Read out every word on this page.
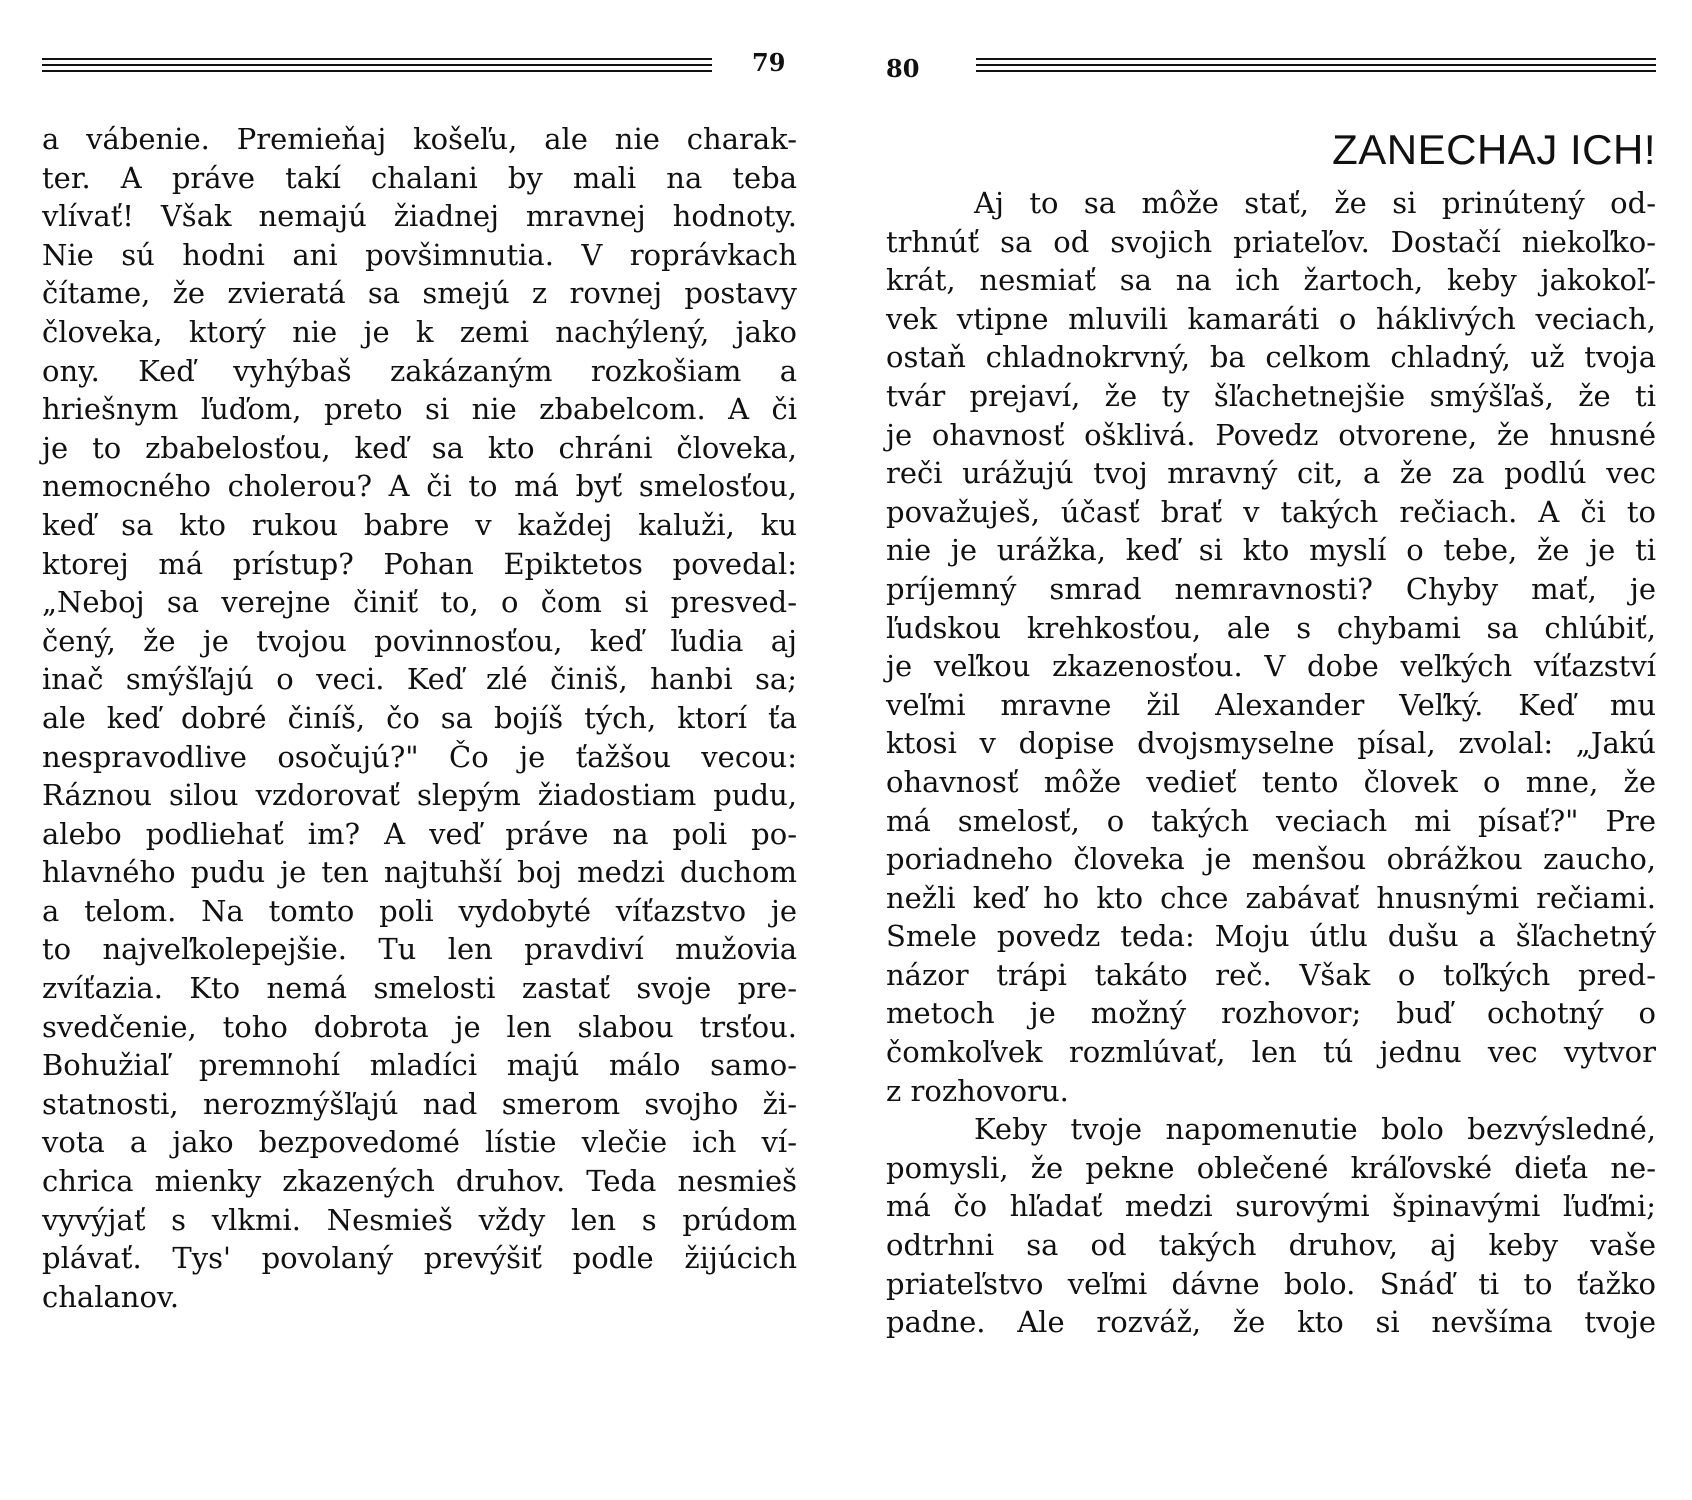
79
a vábenie. Premieňaj košeľu, ale nie charak-
ter. A práve takí chalani by mali na teba
vlívať! Však nemajú žiadnej mravnej hodnoty.
Nie sú hodni ani povšimnutia. V roprávkach
čítame, že zvieratá sa smejú z rovnej postavy
človeka, ktorý nie je k zemi nachýlený, jako
ony. Keď vyhýbaš zakázaným rozkošiam a
hriešnym ľuďom, preto si nie zbabelcom. A či
je to zbabelosťou, keď sa kto chráni človeka,
nemocného cholerou? A či to má byť smelosťou,
keď sa kto rukou babre v každej kaluži, ku
ktorej má prístup? Pohan Epiktetos povedal:
„Neboj sa verejne činiť to, o čom si presved-
čený, že je tvojou povinnosťou, keď ľudia aj
inač smýšľajú o veci. Keď zlé činiš, hanbi sa;
ale keď dobré činíš, čo sa bojíš tých, ktorí ťa
nespravodlive osočujú?" Čo je ťažšou vecou:
Ráznou silou vzdorovať slepým žiadostiam pudu,
alebo podliehať im? A veď práve na poli po-
hlavného pudu je ten najtuhší boj medzi duchom
a telom. Na tomto poli vydobyté víťazstvo je
to najveľkolepejšie. Tu len pravdiví mužovia
zvíťazia. Kto nemá smelosti zastať svoje pre-
svedčenie, toho dobrota je len slabou trsťou.
Bohužiaľ premnohí mladíci majú málo samo-
statnosti, nerozmýšľajú nad smerom svojho ži-
vota a jako bezpovedomé lístie vlečie ich ví-
chrica mienky zkazených druhov. Teda nesmieš
vyvýjať s vlkmi. Nesmieš vždy len s prúdom
plávať. Tys' povolaný prevýšiť podle žijúcich
chalanov.
80
ZANECHAJ ICH!
Aj to sa môže stať, že si prinútený od-
trhnúť sa od svojich priateľov. Dostačí niekoľko-
krát, nesmiať sa na ich žartoch, keby jakokoľ-
vek vtipne mluvili kamaráti o háklivých veciach,
ostaň chladnokrvný, ba celkom chladný, už tvoja
tvár prejaví, že ty šľachetnejšie smýšľaš, že ti
je ohavnosť ošklivá. Povedz otvorene, že hnusné
reči urážujú tvoj mravný cit, a že za podlú vec
považuješ, účasť brať v takých rečiach. A či to
nie je urážka, keď si kto myslí o tebe, že je ti
príjemný smrad nemravnosti? Chyby mať, je
ľudskou krehkosťou, ale s chybami sa chlúbiť,
je veľkou zkazenosťou. V dobe veľkých víťazství
veľmi mravne žil Alexander Veľký. Keď mu
ktosi v dopise dvojsmyselne písal, zvolal: „Jakú
ohavnosť môže vedieť tento človek o mne, že
má smelosť, o takých veciach mi písať?" Pre
poriadneho človeka je menšou obrážkou zaucho,
nežli keď ho kto chce zabávať hnusnými rečiami.
Smele povedz teda: Moju útlu dušu a šľachetný
názor trápi takáto reč. Však o toľkých pred-
metoch je možný rozhovor; buď ochotný o
čomkoľvek rozmlúvať, len tú jednu vec vytvor
z rozhovoru.
Keby tvoje napomenutie bolo bezvýsledné,
pomysli, že pekne oblečené kráľovské dieťa ne-
má čo hľadať medzi surovými špinavými ľuďmi;
odtrhni sa od takých druhov, aj keby vaše
priateľstvo veľmi dávne bolo. Snáď ti to ťažko
padne. Ale rozváž, že kto si nevšíma tvoje
